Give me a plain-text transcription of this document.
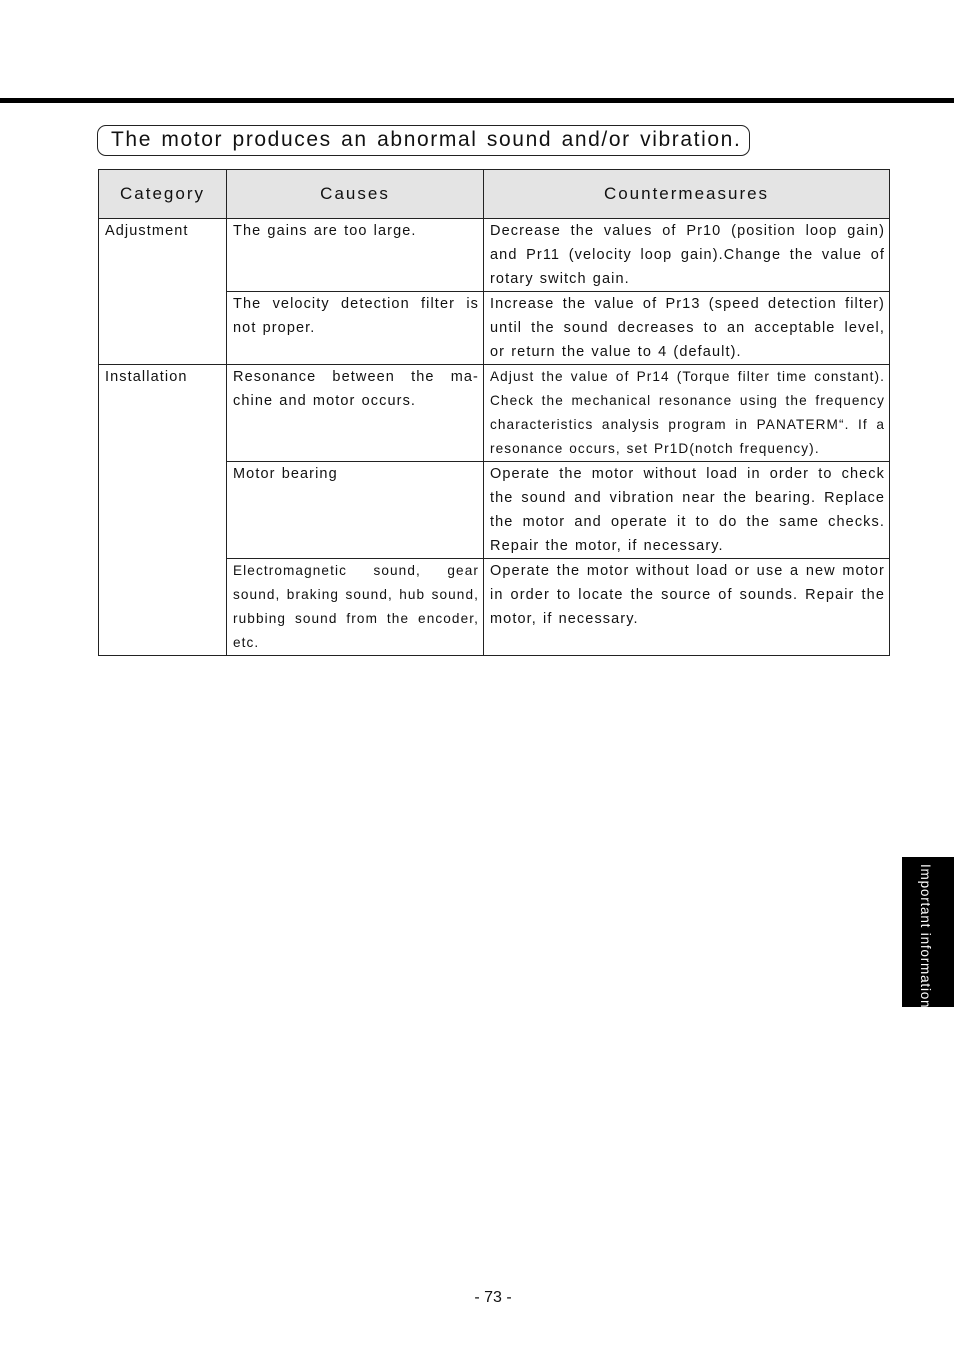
The motor produces an abnormal sound and/or vibration.
Category	Causes	Countermeasures
Adjustment	The gains are too large.	Decrease the values of Pr10 (position loop gain) and Pr11 (velocity loop gain).Change the value of rotary switch gain.
	The velocity detection filter is not proper.	Increase the value of Pr13 (speed detection filter) until the sound decreases to an acceptable level, or return the value to 4 (default).
Installation	Resonance between the ma-chine and motor occurs.	Adjust the value of Pr14 (Torque filter time constant). Check the mechanical resonance using the frequency characteristics analysis program in PANATERM“. If a resonance occurs, set Pr1D(notch frequency).
	Motor bearing	Operate the motor without load in order to check the sound and vibration near the bearing. Replace the motor and operate it to do the same checks. Repair the motor, if necessary.
	Electromagnetic sound, gear sound, braking sound, hub sound, rubbing sound from the encoder, etc.	Operate the motor without load or use a new motor in order to locate the source of sounds. Repair the motor, if necessary.
Important information
- 73 -
